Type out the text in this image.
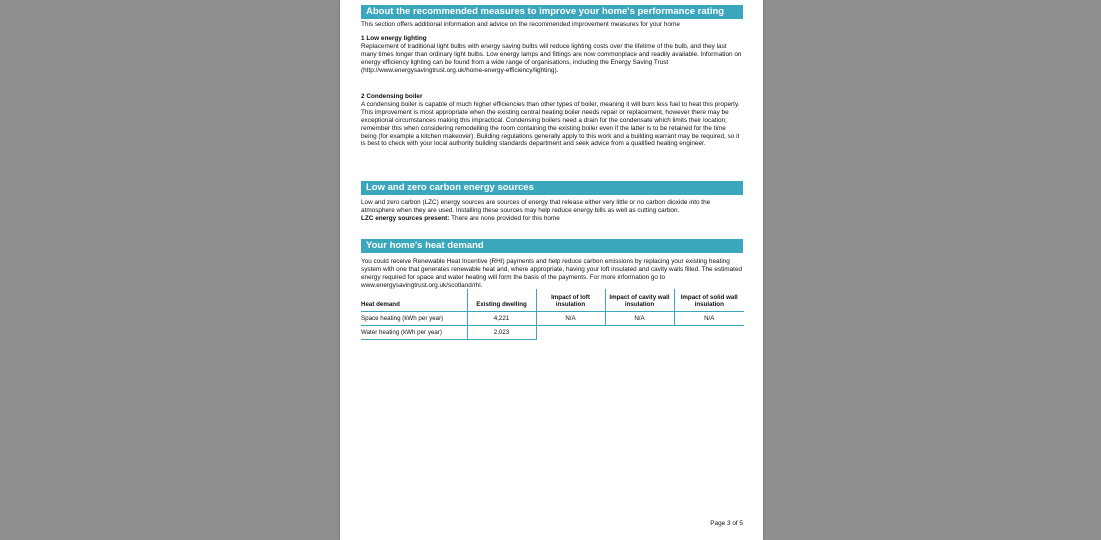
About the recommended measures to improve your home's performance rating
This section offers additional information and advice on the recommended improvement measures for your home
1 Low energy lighting

Replacement of traditional light bulbs with energy saving bulbs will reduce lighting costs over the lifetime of the bulb, and they last many times longer than ordinary light bulbs. Low energy lamps and fittings are now commonplace and readily available. Information on energy efficiency lighting can be found from a wide range of organisations, including the Energy Saving Trust (http://www.energysavingtrust.org.uk/home-energy-efficiency/lighting).

2 Condensing boiler

A condensing boiler is capable of much higher efficiencies than other types of boiler, meaning it will burn less fuel to heat this property. This improvement is most appropriate when the existing central heating boiler needs repair or replacement, however there may be exceptional circumstances making this impractical. Condensing boilers need a drain for the condensate which limits their location; remember this when considering remodelling the room containing the existing boiler even if the latter is to be retained for the time being (for example a kitchen makeover). Building regulations generally apply to this work and a building warrant may be required, so it is best to check with your local authority building standards department and seek advice from a qualified heating engineer.

Low and zero carbon energy sources

Low and zero carbon (LZC) energy sources are sources of energy that release either very little or no carbon dioxide into the atmosphere when they are used. Installing these sources may help reduce energy bills as well as cutting carbon.

LZC energy sources present: There are none provided for this home

Your home's heat demand
You could receive Renewable Heat Incentive (RHI) payments and help reduce carbon emissions by replacing your existing heating system with one that generates renewable heat and, where appropriate, having your loft insulated and cavity walls filled. The estimated energy required for space and water heating will form the basis of the payments. For more information go to www.energysavingtrust.org.uk/scotland/rhi.
Heat demand	Existing dwelling	Impact of loft insulation	Impact of cavity wall insulation	Impact of solid wall insulation
Space heating (kWh per year)	4,221	N/A	N/A	N/A
Water heating (kWh per year)	2,023			
Page 3 of 5
